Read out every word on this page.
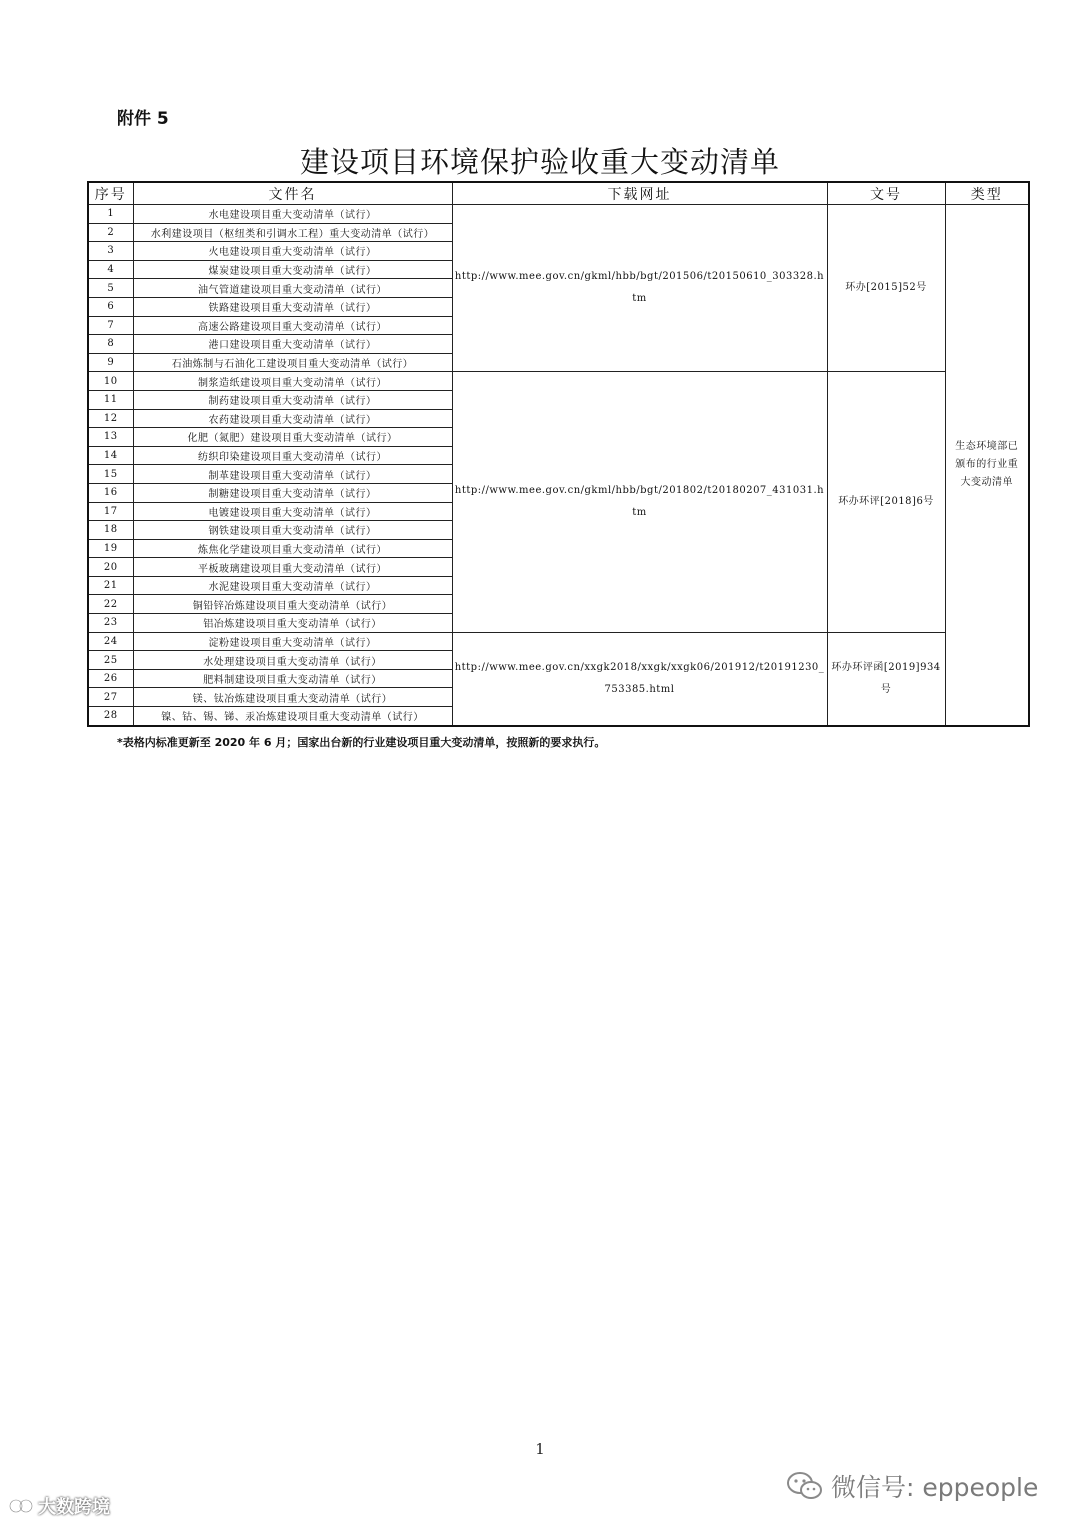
附件 5
建设项目环境保护验收重大变动清单
序号	文件名	下载网址	文号	类型
1	水电建设项目重大变动清单（试行）	http://www.mee.gov.cn/gkml/hbb/bgt/201506/t20150610_303328.htm	环办[2015]52号	生态环境部已颁布的行业重大变动清单
2	水利建设项目（枢纽类和引调水工程）重大变动清单（试行）			
3	火电建设项目重大变动清单（试行）			
4	煤炭建设项目重大变动清单（试行）			
5	油气管道建设项目重大变动清单（试行）			
6	铁路建设项目重大变动清单（试行）			
7	高速公路建设项目重大变动清单（试行）			
8	港口建设项目重大变动清单（试行）			
9	石油炼制与石油化工建设项目重大变动清单（试行）			
10	制浆造纸建设项目重大变动清单（试行）	http://www.mee.gov.cn/gkml/hbb/bgt/201802/t20180207_431031.htm	环办环评[2018]6号	
11	制药建设项目重大变动清单（试行）			
12	农药建设项目重大变动清单（试行）			
13	化肥（氮肥）建设项目重大变动清单（试行）			
14	纺织印染建设项目重大变动清单（试行）			
15	制革建设项目重大变动清单（试行）			
16	制糖建设项目重大变动清单（试行）			
17	电镀建设项目重大变动清单（试行）			
18	钢铁建设项目重大变动清单（试行）			
19	炼焦化学建设项目重大变动清单（试行）			
20	平板玻璃建设项目重大变动清单（试行）			
21	水泥建设项目重大变动清单（试行）			
22	铜铅锌冶炼建设项目重大变动清单（试行）			
23	铝冶炼建设项目重大变动清单（试行）			
24	淀粉建设项目重大变动清单（试行）	http://www.mee.gov.cn/xxgk2018/xxgk/xxgk06/201912/t20191230_753385.html	环办环评函[2019]934号	
25	水处理建设项目重大变动清单（试行）			
26	肥料制建设项目重大变动清单（试行）			
27	镁、钛冶炼建设项目重大变动清单（试行）			
28	镍、钴、锡、锑、汞冶炼建设项目重大变动清单（试行）			
*表格内标准更新至 2020 年 6 月；国家出台新的行业建设项目重大变动清单，按照新的要求执行。
1
大数跨境
微信号: eppeople
